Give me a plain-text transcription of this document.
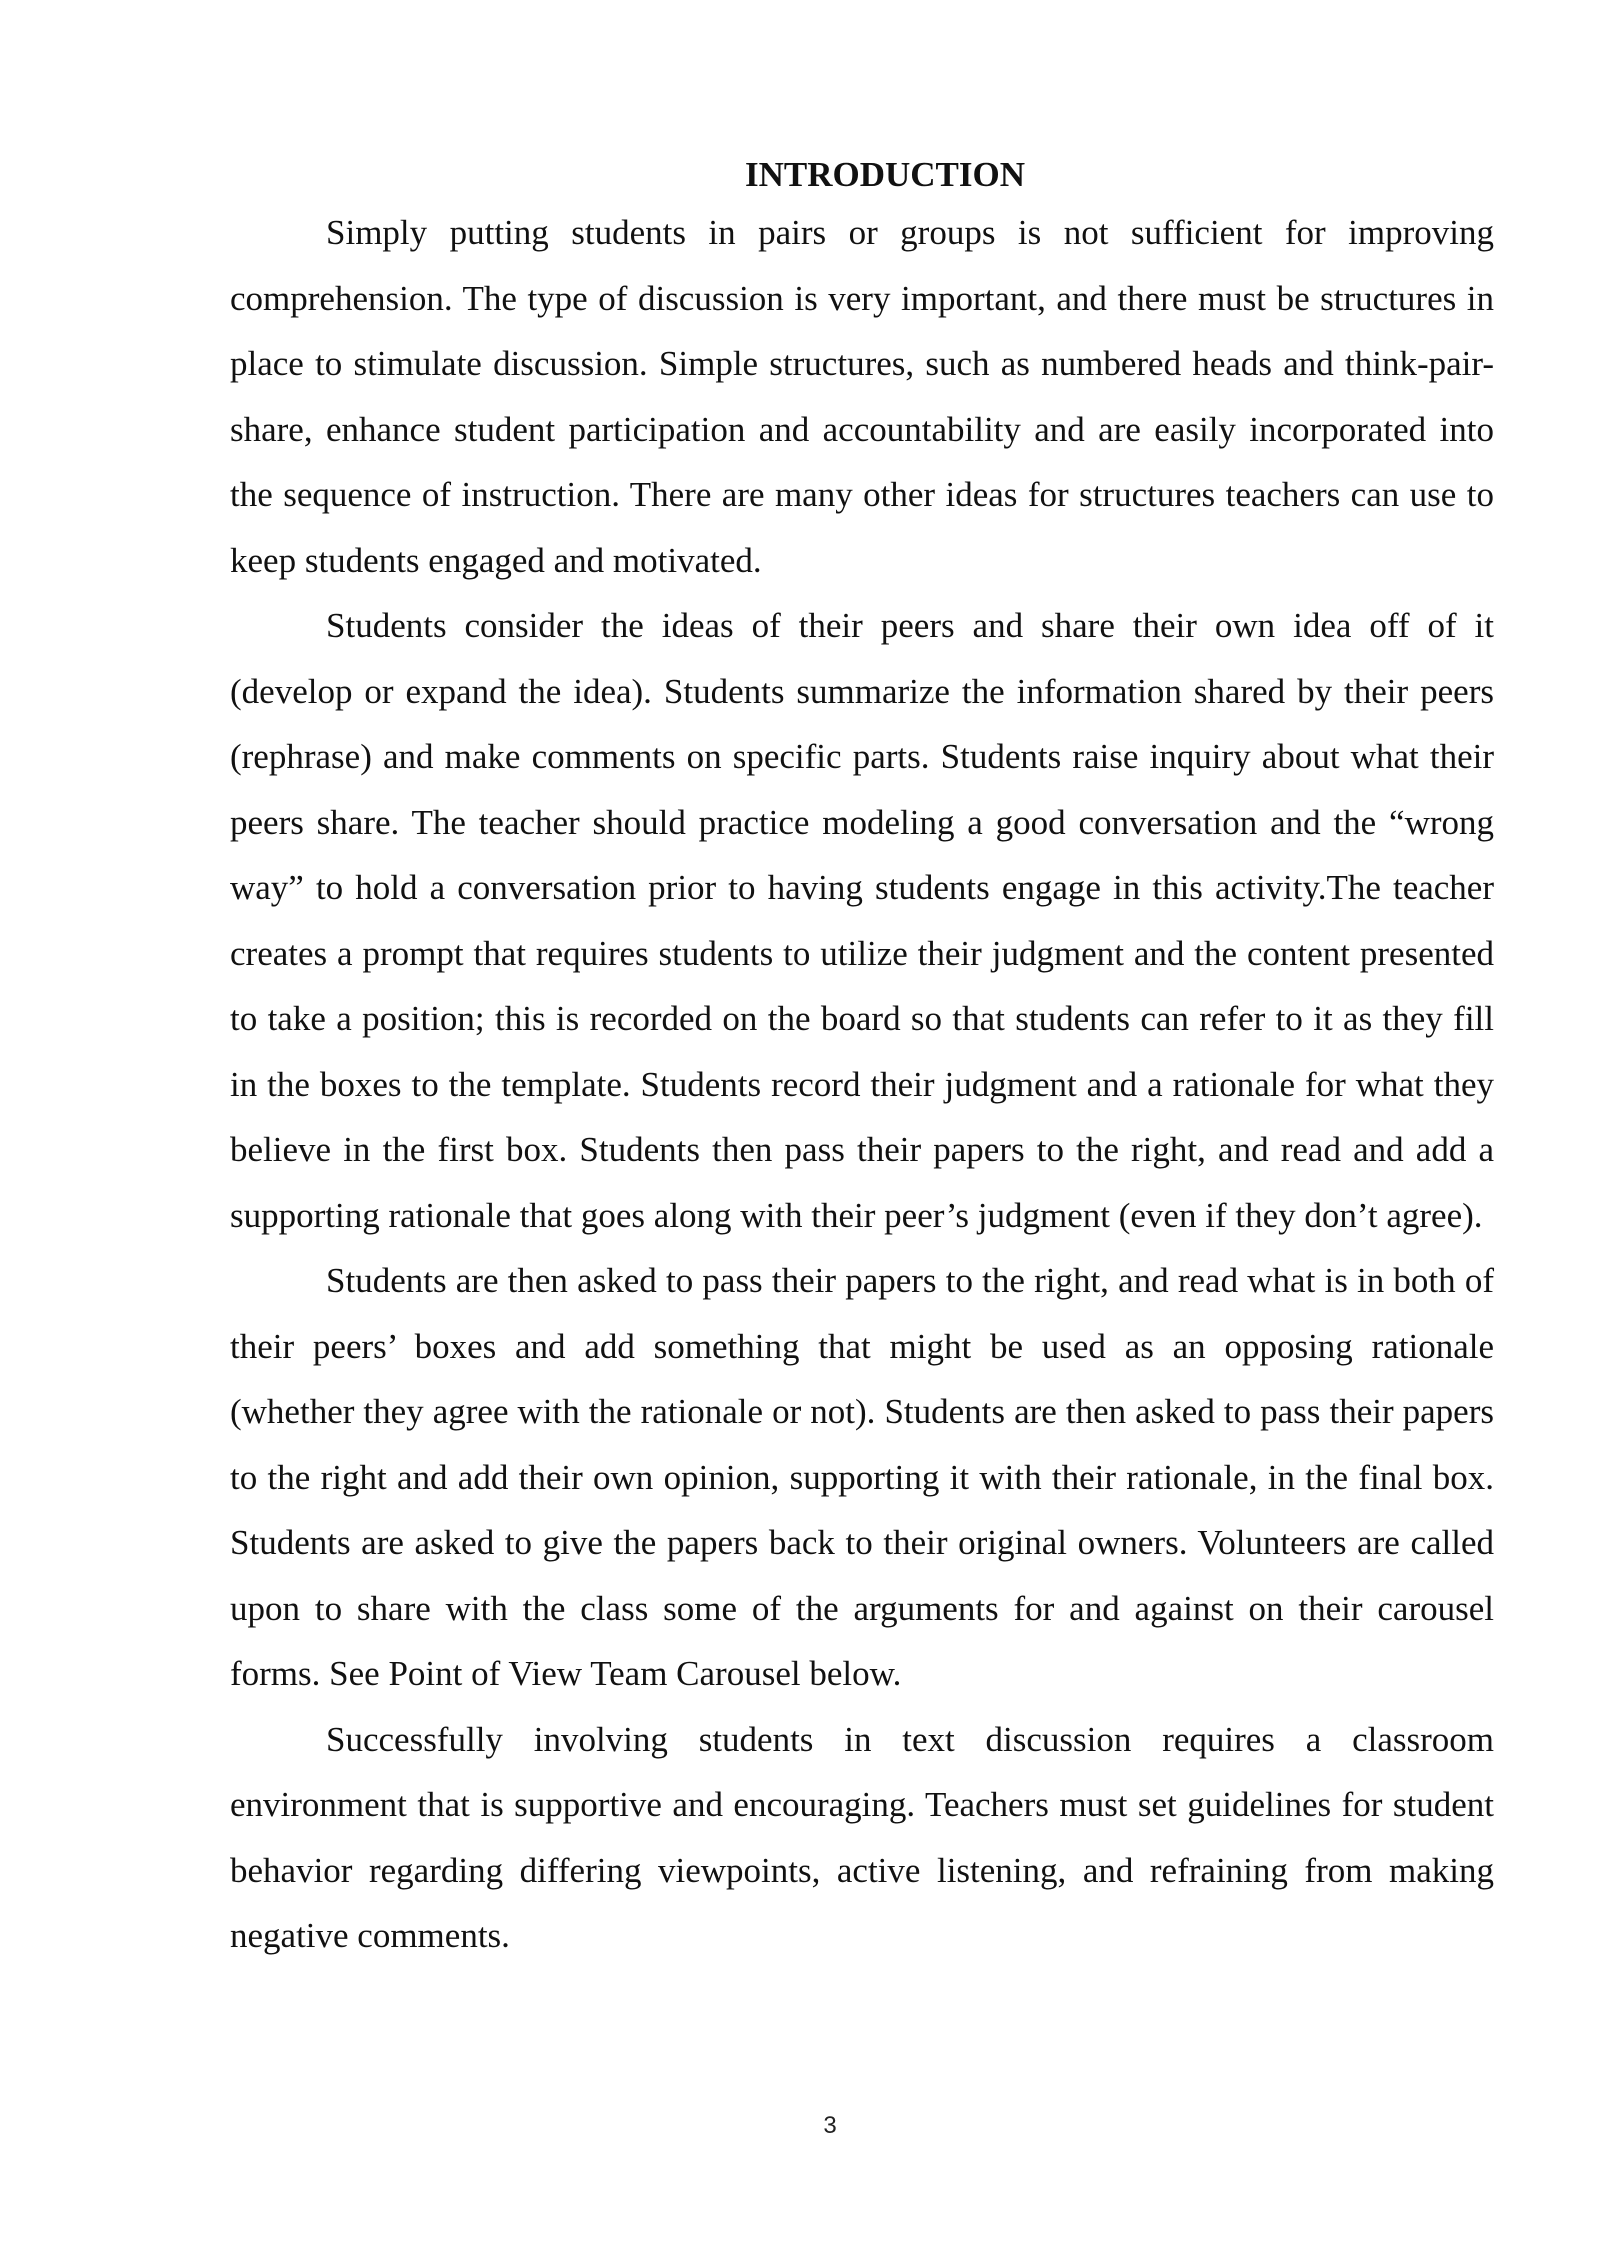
INTRODUCTION

Simply putting students in pairs or groups is not sufficient for improving comprehension. The type of discussion is very important, and there must be structures in place to stimulate discussion. Simple structures, such as numbered heads and think-pair-share, enhance student participation and accountability and are easily incorporated into the sequence of instruction. There are many other ideas for structures teachers can use to keep students engaged and motivated.

Students consider the ideas of their peers and share their own idea off of it (develop or expand the idea). Students summarize the information shared by their peers (rephrase) and make comments on specific parts. Students raise inquiry about what their peers share. The teacher should practice modeling a good conversation and the “wrong way” to hold a conversation prior to having students engage in this activity.The teacher creates a prompt that requires students to utilize their judgment and the content presented to take a position; this is recorded on the board so that students can refer to it as they fill in the boxes to the template. Students record their judgment and a rationale for what they believe in the first box. Students then pass their papers to the right, and read and add a supporting rationale that goes along with their peer’s judgment (even if they don’t agree).

Students are then asked to pass their papers to the right, and read what is in both of their peers’ boxes and add something that might be used as an opposing rationale (whether they agree with the rationale or not). Students are then asked to pass their papers to the right and add their own opinion, supporting it with their rationale, in the final box. Students are asked to give the papers back to their original owners. Volunteers are called upon to share with the class some of the arguments for and against on their carousel forms. See Point of View Team Carousel below.

Successfully involving students in text discussion requires a classroom environment that is supportive and encouraging. Teachers must set guidelines for student behavior regarding differing viewpoints, active listening, and refraining from making negative comments.

3
